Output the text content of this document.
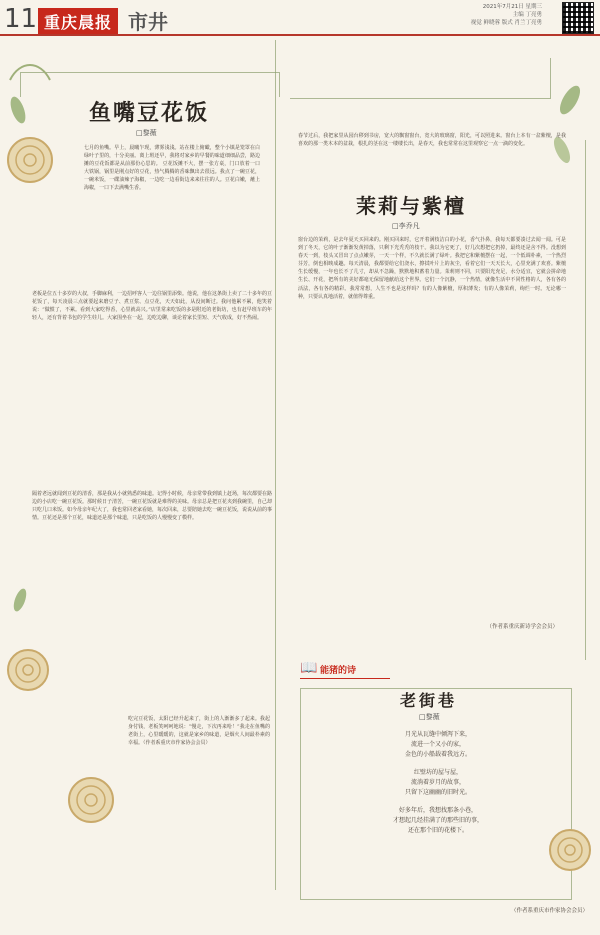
11 重庆晨报 市井
2021年7月21日 星期三
主编 丁亮勇
视觉 鲜晓蓉 版式 肖兰丁亮勇
鱼嘴豆花饭
□黎薇
七月的鱼嘴。早上，晨曦乍现，薄雾浅浅。站在楼上俯瞰，整个小镇是笼罩在白绿叶子里的，十分美丽。离上班还早，我将对家乡的早餐的味道细细品尝，路边摊的豆花饭都是从前那份心思的。 豆花饭摊不大，摆一张方桌，门口放着一口大铁锅，锅里是刚点好的豆花，热气腾腾的香味飘出去很远。我点了一碗豆花，一碗米饭，一碟油辣子海椒，一边吃一边看街边来来往往的人。豆花白嫩，蘸上海椒，一口下去满嘴生香。
老板是位五十多岁的大叔，手脚麻利，一边招呼客人一边往锅里添柴。他说，他在这条街上卖了二十多年的豆花饭了，每天凌晨三点就要起来磨豆子、煮豆浆、点豆花，天天如此，从没间断过。我问他累不累，他笑着说：“做惯了，不累。看到大家吃得香，心里就高兴。”店里常来吃饭的多是附近的老街坊，也有赶早班车的年轻人，还有背着书包的学生娃儿。大家围坐在一起，边吃边聊，谈论着家长里短、天气收成，好不热闹。
隔着老远就闻到豆花的清香，那是我从小就熟悉的味道。记得小时候，母亲常带我到镇上赶场，每次都要在路边的小店吃一碗豆花饭。那时候日子清苦，一碗豆花饭就是难得的美味。母亲总是把豆花夹到我碗里，自己却只吃几口米饭。如今母亲年纪大了，我也常回老家看她，每次回来，总要陪她去吃一碗豆花饭，说说从前的事情。豆花还是那个豆花，味道还是那个味道，只是吃饭的人慢慢变了模样。
吃完豆花饭，太阳已经升起来了，街上的人渐渐多了起来。我起身付钱，老板笑呵呵地说：“慢走，下次再来哈！”我走在鱼嘴的老街上，心里暖暖的，这就是家乡的味道，是烟火人间最朴素的幸福。（作者系重庆市作家协会会员）
春节过后，我把家里从园台移到书房，宽大的飘窗窗台，宽大的玻璃窗，阳光，可以照进来。窗台上本有一盆紫檀，是我喜欢的那一类木本的盆栽，根扎的茎在这一缕缕长出，是春天，我也常常在这里观察它一点一滴的变化。
茉莉与紫檀
□李乔凡
窗台边的茉莉，是去年夏天买回来的。刚买回来时，它开着满枝洁白的小花，香气扑鼻，我每天都要凑过去闻一闻。可是到了冬天，它的叶子渐渐发黄掉落，只剩下光秃秃的枝干。我以为它死了，好几次想把它扔掉，最终还是舍不得。没想到春天一到，枝头又冒出了点点嫩芽，一天一个样，不久就长满了绿叶。我把它和紫檀摆在一起，一个低调朴素，一个热烈芬芳，倒也相映成趣。每天清晨，我都要给它们浇水，擦拭叶片上的灰尘，看着它们一天天长大，心里充满了欢喜。紫檀生长缓慢，一年也长不了几寸，却从不急躁，默默地积蓄着力量。茉莉则不同，只要阳光充足，水分适宜，它就会拼命地生长、开花，把所有的美好都毫无保留地献给这个世界。它们一个沉静，一个热情，就像生活中不同性格的人，各有各的活法，各有各的精彩。我常常想，人生不也是这样吗？有的人像紫檀，厚积薄发；有的人像茉莉，绚烂一时。无论哪一种，只要认真地活着，就值得尊重。
（作者系重庆新诗学会会员）
📖 能猪的诗
老街巷
□黎薇
月光从瓦缝中倾泻下来，
流进一个又小的家，
金色的小船载着我远方。
红壁坊的屋与屋，
流淌着岁月的故事，
只留下这幽幽的旧时光。
好多年后，我想找那条小巷，
才想起几经挂满了的那些旧的事，
还在那个旧的花楼下。
（作者系重庆市作家协会会员）
